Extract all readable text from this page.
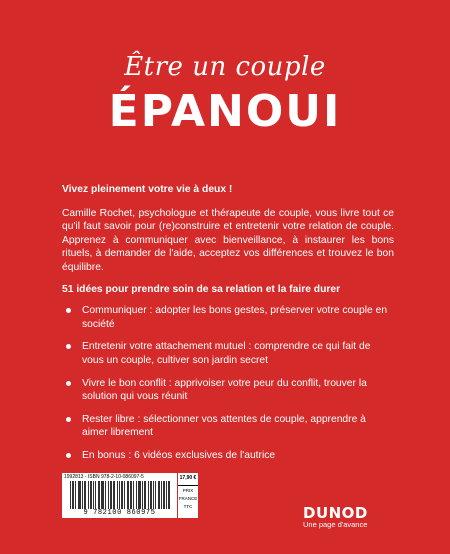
Être un couple
ÉPANOUI
Vivez pleinement votre vie à deux !

Camille Rochet, psychologue et thérapeute de couple, vous livre tout ce qu'il faut savoir pour (re)construire et entretenir votre relation de couple. Apprenez à communiquer avec bienveillance, à instaurer les bons rituels, à demander de l'aide, acceptez vos différences et trouvez le bon équilibre.

51 idées pour prendre soin de sa relation et la faire durer
Communiquer : adopter les bons gestes, préserver votre couple en société
Entretenir votre attachement mutuel : comprendre ce qui fait de vous un couple, cultiver son jardin secret
Vivre le bon conflit : apprivoiser votre peur du conflit, trouver la solution qui vous réunit
Rester libre : sélectionner vos attentes de couple, apprendre à aimer librement
En bonus : 6 vidéos exclusives de l'autrice
1992813 - ISBN 978-2-10-086097-5
9 782100 860975
17,90 €
PRIX
FRANCE
TTC	DUNOD
Une page d'avance
